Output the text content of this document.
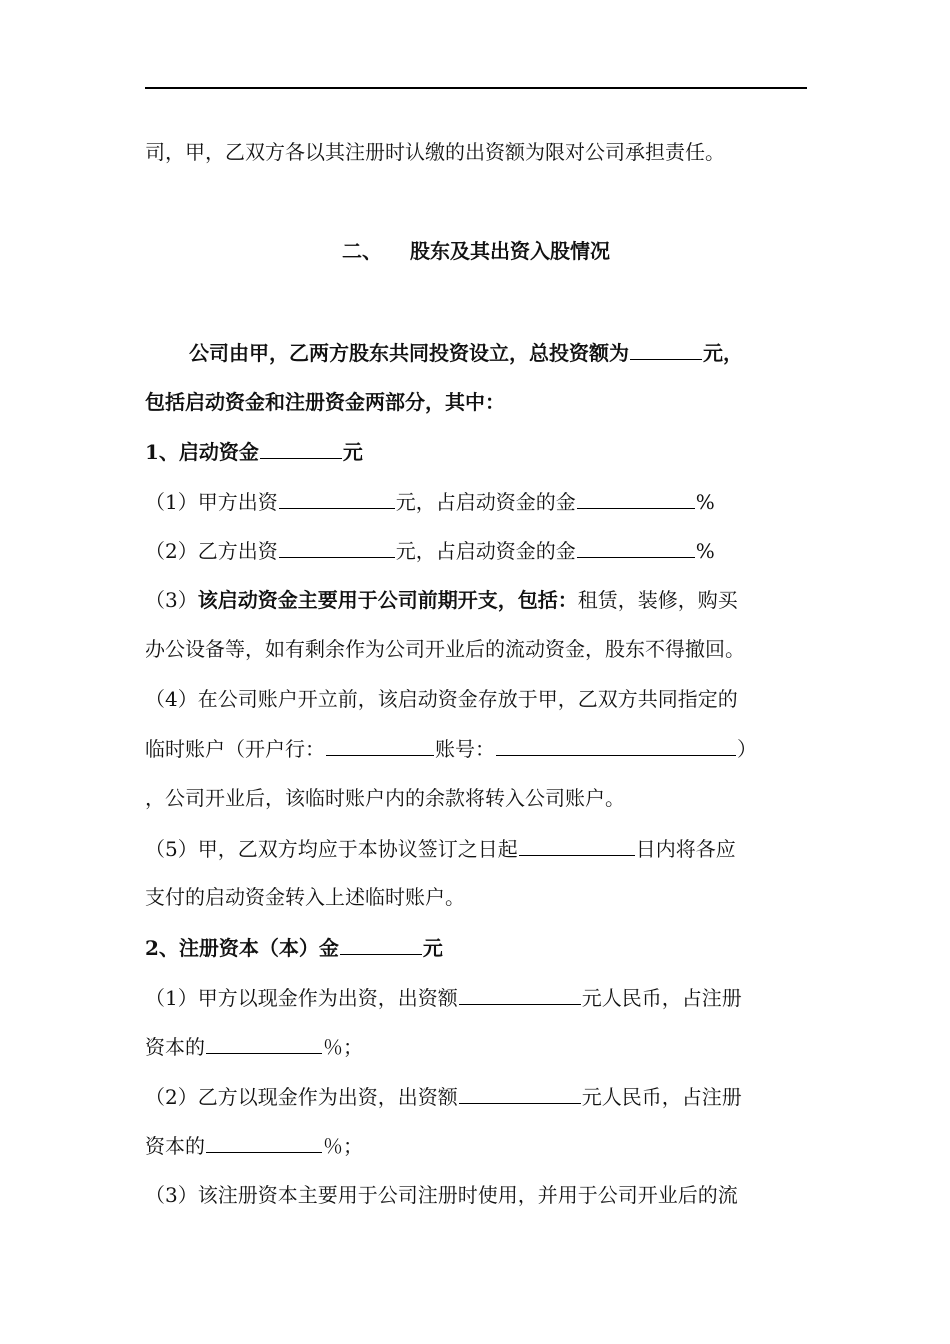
司，甲，乙双方各以其注册时认缴的出资额为限对公司承担责任。
二、 股东及其出资入股情况
公司由甲，乙两方股东共同投资设立，总投资额为	元，
包括启动资金和注册资金两部分，其中：
1、启动资金	元
（1）甲方出资	元，占启动资金的金	%
（2）乙方出资	元，占启动资金的金	%
（3）该启动资金主要用于公司前期开支，包括：租赁，装修，购买
办公设备等，如有剩余作为公司开业后的流动资金，股东不得撤回。
（4）在公司账户开立前，该启动资金存放于甲，乙双方共同指定的
临时账户（开户行：	账号：	）
，公司开业后，该临时账户内的余款将转入公司账户。
（5）甲，乙双方均应于本协议签订之日起	日内将各应
支付的启动资金转入上述临时账户。
2、注册资本（本）金	元
（1）甲方以现金作为出资，出资额	元人民币，占注册
资本的	％；
（2）乙方以现金作为出资，出资额	元人民币，占注册
资本的	％；
（3）该注册资本主要用于公司注册时使用，并用于公司开业后的流
